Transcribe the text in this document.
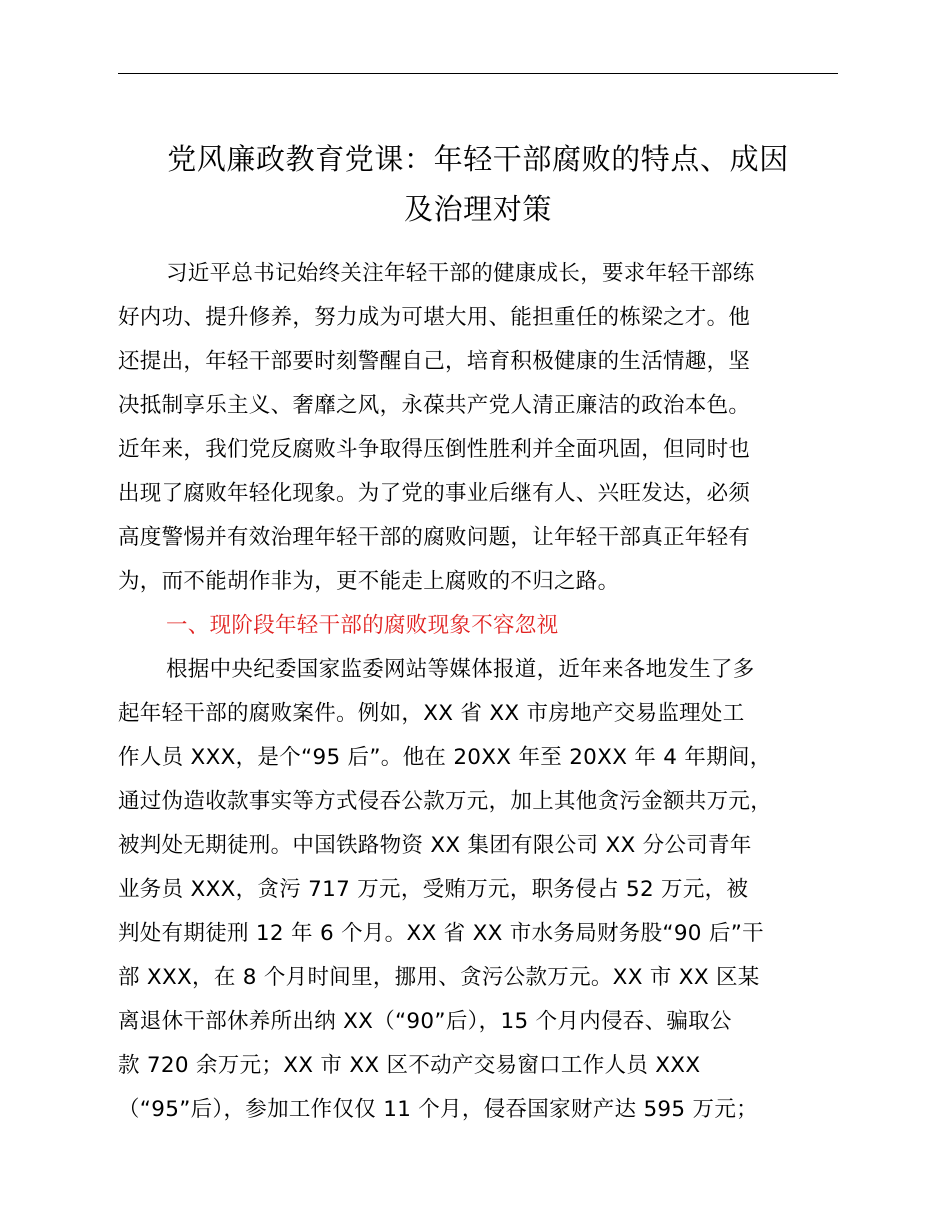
党风廉政教育党课：年轻干部腐败的特点、成因
及治理对策
习近平总书记始终关注年轻干部的健康成长，要求年轻干部练
好内功、提升修养，努力成为可堪大用、能担重任的栋梁之才。他
还提出，年轻干部要时刻警醒自己，培育积极健康的生活情趣，坚
决抵制享乐主义、奢靡之风，永葆共产党人清正廉洁的政治本色。
近年来，我们党反腐败斗争取得压倒性胜利并全面巩固，但同时也
出现了腐败年轻化现象。为了党的事业后继有人、兴旺发达，必须
高度警惕并有效治理年轻干部的腐败问题，让年轻干部真正年轻有
为，而不能胡作非为，更不能走上腐败的不归之路。
一、现阶段年轻干部的腐败现象不容忽视
根据中央纪委国家监委网站等媒体报道，近年来各地发生了多
起年轻干部的腐败案件。例如，XX 省 XX 市房地产交易监理处工
作人员 XXX，是个“95 后”。他在 20XX 年至 20XX 年 4 年期间，
通过伪造收款事实等方式侵吞公款万元，加上其他贪污金额共万元，
被判处无期徒刑。中国铁路物资 XX 集团有限公司 XX 分公司青年
业务员 XXX，贪污 717 万元，受贿万元，职务侵占 52 万元，被
判处有期徒刑 12 年 6 个月。XX 省 XX 市水务局财务股“90 后”干
部 XXX，在 8 个月时间里，挪用、贪污公款万元。XX 市 XX 区某
离退休干部休养所出纳 XX（“90”后），15 个月内侵吞、骗取公
款 720 余万元；XX 市 XX 区不动产交易窗口工作人员 XXX
（“95”后），参加工作仅仅 11 个月，侵吞国家财产达 595 万元；
